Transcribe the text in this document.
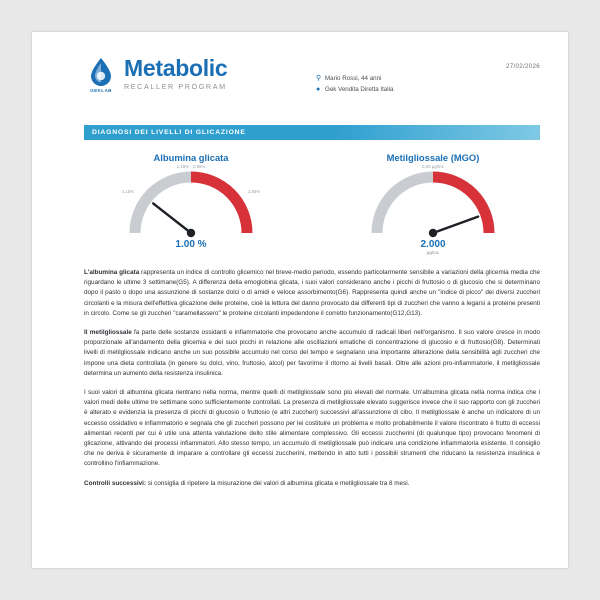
GEKLAB
Metabolic
RECALLER PROGRAM
⚲ Mario Rossi, 44 anni
● Gek Vendita Diretta Italia
27/02/2026
DIAGNOSI DEI LIVELLI DI GLICAZIONE
Albumina glicata
1,15% - 2,55%
1,15%	2,55%
1.00 %
Metilgliossale (MGO)
0,20 µg/mL
2.000
µg/mL

L'albumina glicata rappresenta un indice di controllo glicemico nel breve-medio periodo, essendo particolarmente sensibile a variazioni della glicemia media che riguardano le ultime 3 settimane(G5). A differenza della emoglobina glicata, i suoi valori considerano anche i picchi di fruttosio o di glucosio che si determinano dopo il pasto o dopo una assunzione di sostanze dolci o di amidi e veloce assorbimento(G6). Rappresenta quindi anche un "indice di picco" dei diversi zuccheri circolanti e la misura dell'effettiva glicazione delle proteine, cioè la lettura del danno provocato dai differenti tipi di zuccheri che vanno a legarsi a proteine presenti in circolo. Come se gli zuccheri "caramellassero" le proteine circolanti impedendone il corretto funzionamento(G12,G13).

Il metilgliossale fa parte delle sostanze ossidanti e infiammatorie che provocano anche accumulo di radicali liberi nell'organismo. Il suo valore cresce in modo proporzionale all'andamento della glicemia e dei suoi picchi in relazione alle oscillazioni ematiche di concentrazione di glucosio e di fruttosio(G8). Determinati livelli di metilgliossale indicano anche un suo possibile accumulo nel corso del tempo e segnalano una importante alterazione della sensibilità agli zuccheri che impone una dieta controllata (in genere su dolci, vino, fruttosio, alcol) per favorirne il ritorno ai livelli basali. Oltre alle azioni pro-infiammatorie, il metilgliossale determina un aumento della resistenza insulinica.

I suoi valori di albumina glicata rientrano nella norma, mentre quelli di metilgliossale sono più elevati del normale. Un'albumina glicata nella norma indica che i valori medi delle ultime tre settimane sono sufficientemente controllati. La presenza di metilgliossale elevato suggerisce invece che il suo rapporto con gli zuccheri è alterato e evidenzia la presenza di picchi di glucosio o fruttosio (e altri zuccheri) successivi all'assunzione di cibo. Il metilgliossale è anche un indicatore di un eccesso ossidativo e infiammatorio e segnala che gli zuccheri possono per lei costituire un problema e molto probabilmente il valore riscontrato è frutto di eccessi alimentari recenti per cui è utile una attenta valutazione dello stile alimentare complessivo. Gli eccessi zuccherini (di qualunque tipo) provocano fenomeni di glicazione, attivando dei processi infiammatori. Allo stesso tempo, un accumulo di metilgliossale può indicare una condizione infiammatoria esistente. Il consiglio che ne deriva è sicuramente di imparare a controllare gli eccessi zuccherini, mettendo in atto tutti i possibili strumenti che riducano la resistenza insulinica e controllino l'infiammazione.

Controlli successivi: si consiglia di ripetere la misurazione dei valori di albumina glicata e metilgliossale tra 8 mesi.
